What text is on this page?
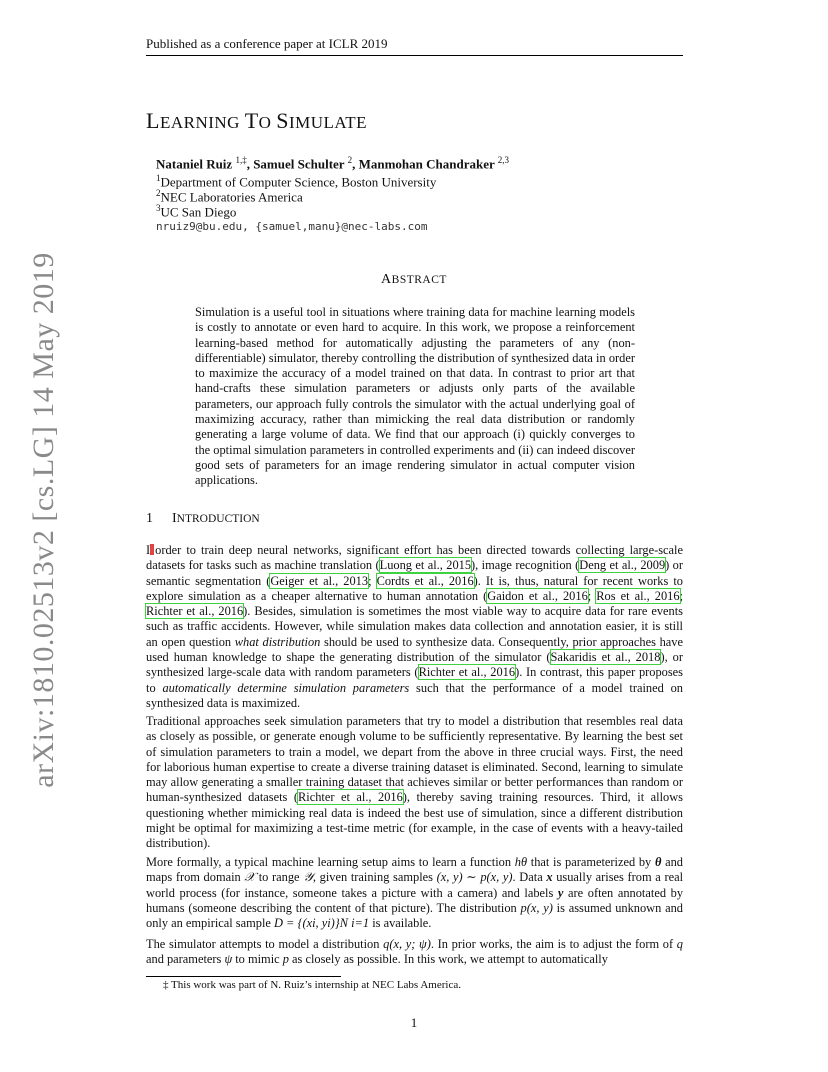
Published as a conference paper at ICLR 2019
LEARNING TO SIMULATE
Nataniel Ruiz $^{1,\ddagger}$, Samuel Schulter $^2$, Manmohan Chandraker $^{2,3}$
$^1$Department of Computer Science, Boston University
$^2$NEC Laboratories America
$^3$UC San Diego
nruiz9@bu.edu, {samuel,manu}@nec-labs.com
arXiv:1810.02513v2 [cs.LG] 14 May 2019	ABSTRACT
Simulation is a useful tool in situations where training data for machine learning models is costly to annotate or even hard to acquire. In this work, we propose a reinforcement learning-based method for automatically adjusting the parameters of any (non-differentiable) simulator, thereby controlling the distribution of synthesized data in order to maximize the accuracy of a model trained on that data. In contrast to prior art that hand-crafts these simulation parameters or adjusts only parts of the available parameters, our approach fully controls the simulator with the actual underlying goal of maximizing accuracy, rather than mimicking the real data distribution or randomly generating a large volume of data. We find that our approach (i) quickly converges to the optimal simulation parameters in controlled experiments and (ii) can indeed discover good sets of parameters for an image rendering simulator in actual computer vision applications.
1 INTRODUCTION
I order to train deep neural networks, significant effort has been directed towards collecting large-scale datasets for tasks such as machine translation (Luong et al., 2015), image recognition (Deng et al., 2009) or semantic segmentation (Geiger et al., 2013; Cordts et al., 2016). It is, thus, natural for recent works to explore simulation as a cheaper alternative to human annotation (Gaidon et al., 2016; Ros et al., 2016; Richter et al., 2016). Besides, simulation is sometimes the most viable way to acquire data for rare events such as traffic accidents. However, while simulation makes data collection and annotation easier, it is still an open question what distribution should be used to synthesize data. Consequently, prior approaches have used human knowledge to shape the generating distribution of the simulator (Sakaridis et al., 2018), or synthesized large-scale data with random parameters (Richter et al., 2016). In contrast, this paper proposes to automatically determine simulation parameters such that the performance of a model trained on synthesized data is maximized.
Traditional approaches seek simulation parameters that try to model a distribution that resembles real data as closely as possible, or generate enough volume to be sufficiently representative. By learning the best set of simulation parameters to train a model, we depart from the above in three crucial ways. First, the need for laborious human expertise to create a diverse training dataset is eliminated. Second, learning to simulate may allow generating a smaller training dataset that achieves similar or better performances than random or human-synthesized datasets (Richter et al., 2016), thereby saving training resources. Third, it allows questioning whether mimicking real data is indeed the best use of simulation, since a different distribution might be optimal for maximizing a test-time metric (for example, in the case of events with a heavy-tailed distribution).
More formally, a typical machine learning setup aims to learn a function hθ that is parameterized by θ and maps from domain 𝒳 to range 𝒴, given training samples (x, y) ∼ p(x, y). Data x usually arises from a real world process (for instance, someone takes a picture with a camera) and labels y are often annotated by humans (someone describing the content of that picture). The distribution p(x, y) is assumed unknown and only an empirical sample D = {(xi, yi)}N i=1 is available.
The simulator attempts to model a distribution q(x, y; ψ). In prior works, the aim is to adjust the form of q and parameters ψ to mimic p as closely as possible. In this work, we attempt to automatically
‡ This work was part of N. Ruiz’s internship at NEC Labs America.
1
